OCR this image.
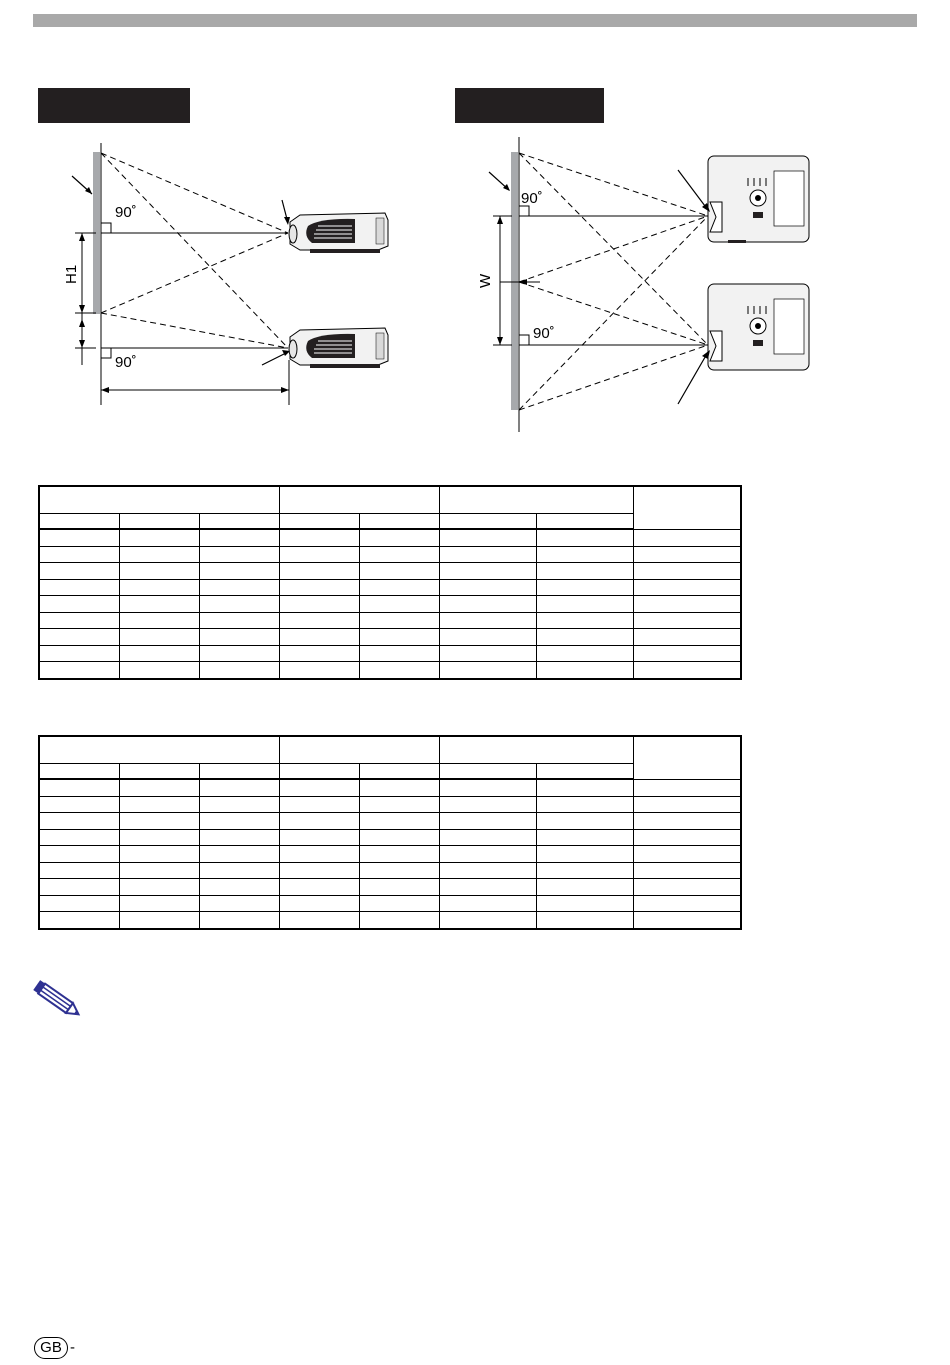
90˚
90˚
H1
90˚
90˚
W

GB -
